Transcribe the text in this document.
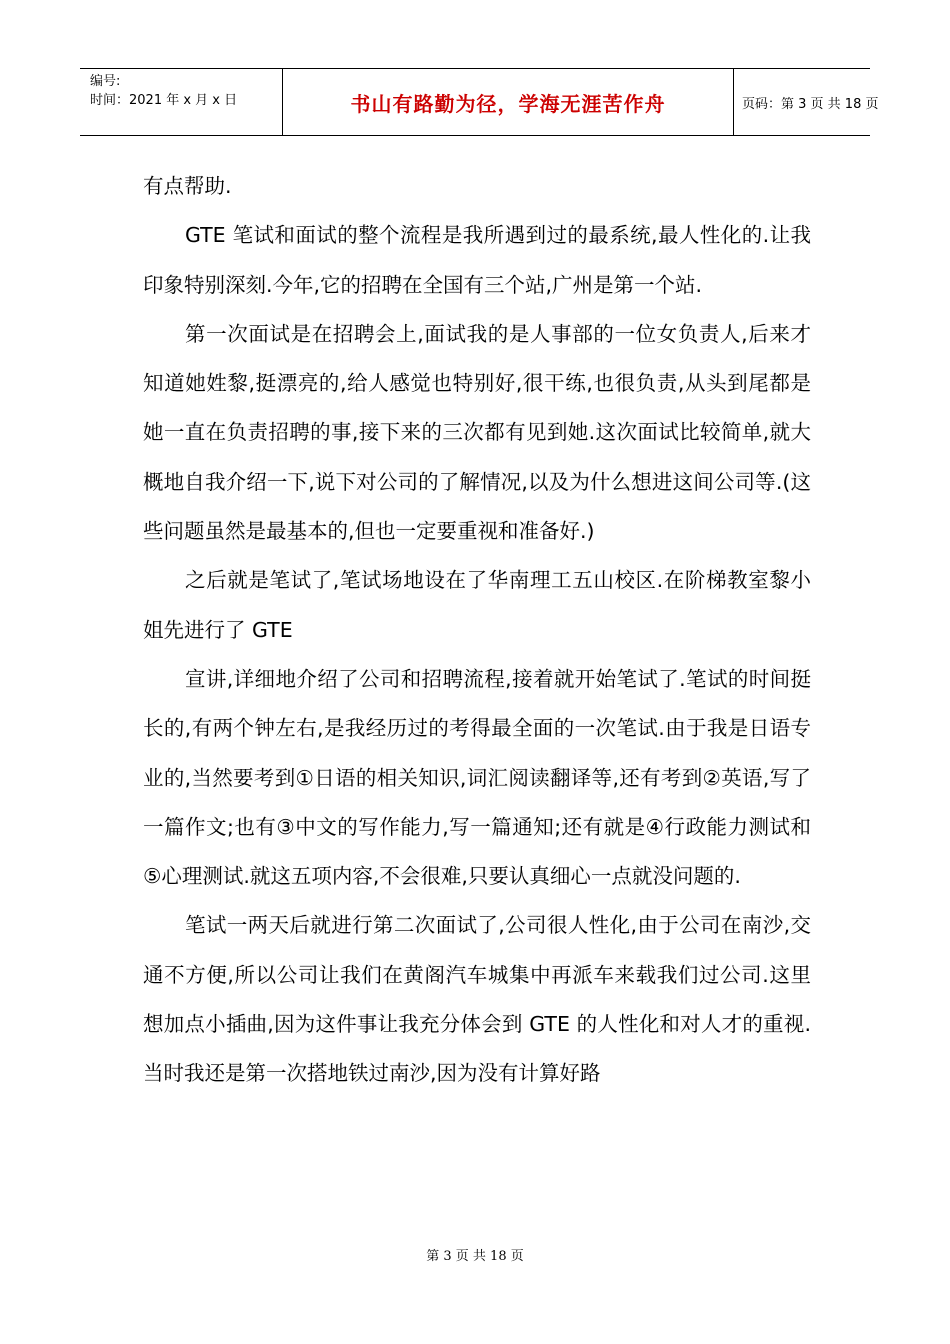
编号:
时间：2021 年 x 月 x 日	书山有路勤为径，学海无涯苦作舟	页码：第 3 页 共 18 页

有点帮助.

GTE 笔试和面试的整个流程是我所遇到过的最系统,最人性化的.让我印象特别深刻.今年,它的招聘在全国有三个站,广州是第一个站.

第一次面试是在招聘会上,面试我的是人事部的一位女负责人,后来才知道她姓黎,挺漂亮的,给人感觉也特别好,很干练,也很负责,从头到尾都是她一直在负责招聘的事,接下来的三次都有见到她.这次面试比较简单,就大概地自我介绍一下,说下对公司的了解情况,以及为什么想进这间公司等.(这些问题虽然是最基本的,但也一定要重视和准备好.)

之后就是笔试了,笔试场地设在了华南理工五山校区.在阶梯教室黎小姐先进行了 GTE

宣讲,详细地介绍了公司和招聘流程,接着就开始笔试了.笔试的时间挺长的,有两个钟左右,是我经历过的考得最全面的一次笔试.由于我是日语专业的,当然要考到①日语的相关知识,词汇阅读翻译等,还有考到②英语,写了一篇作文;也有③中文的写作能力,写一篇通知;还有就是④行政能力测试和⑤心理测试.就这五项内容,不会很难,只要认真细心一点就没问题的.

笔试一两天后就进行第二次面试了,公司很人性化,由于公司在南沙,交通不方便,所以公司让我们在黄阁汽车城集中再派车来载我们过公司.这里想加点小插曲,因为这件事让我充分体会到 GTE 的人性化和对人才的重视.当时我还是第一次搭地铁过南沙,因为没有计算好路

第 3 页 共 18 页
